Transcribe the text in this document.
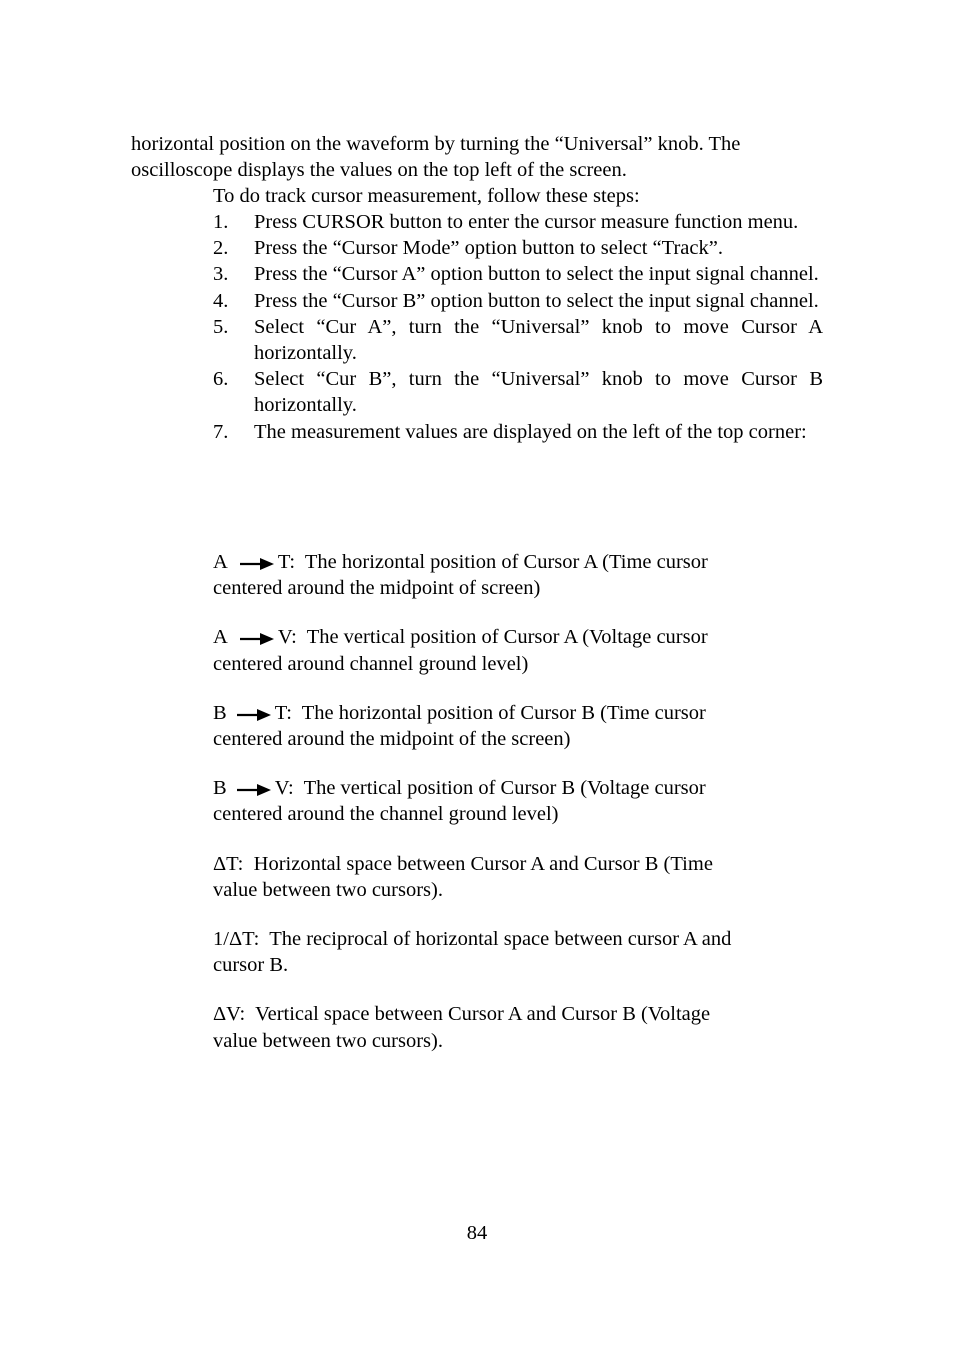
horizontal position on the waveform by turning the “Universal” knob. The
oscilloscope displays the values on the top left of the screen.

To do track cursor measurement, follow these steps:

1.	Press CURSOR button to enter the cursor measure function menu.
2.	Press the “Cursor Mode” option button to select “Track”.
3.	Press the “Cursor A” option button to select the input signal channel.
4.	Press the “Cursor B” option button to select the input signal channel.
5.	Select “Cur A”, turn the “Universal” knob to move Cursor A horizontally.
6.	Select “Cur B”, turn the “Universal” knob to move Cursor B horizontally.
7.	The measurement values are displayed on the left of the top corner:

A T: The horizontal position of Cursor A (Time cursor
centered around the midpoint of screen)

A V: The vertical position of Cursor A (Voltage cursor
centered around channel ground level)

B T: The horizontal position of Cursor B (Time cursor
centered around the midpoint of the screen)

B V: The vertical position of Cursor B (Voltage cursor
centered around the channel ground level)

ΔT: Horizontal space between Cursor A and Cursor B (Time
value between two cursors).

1/ΔT: The reciprocal of horizontal space between cursor A and
cursor B.

ΔV: Vertical space between Cursor A and Cursor B (Voltage
value between two cursors).

84
